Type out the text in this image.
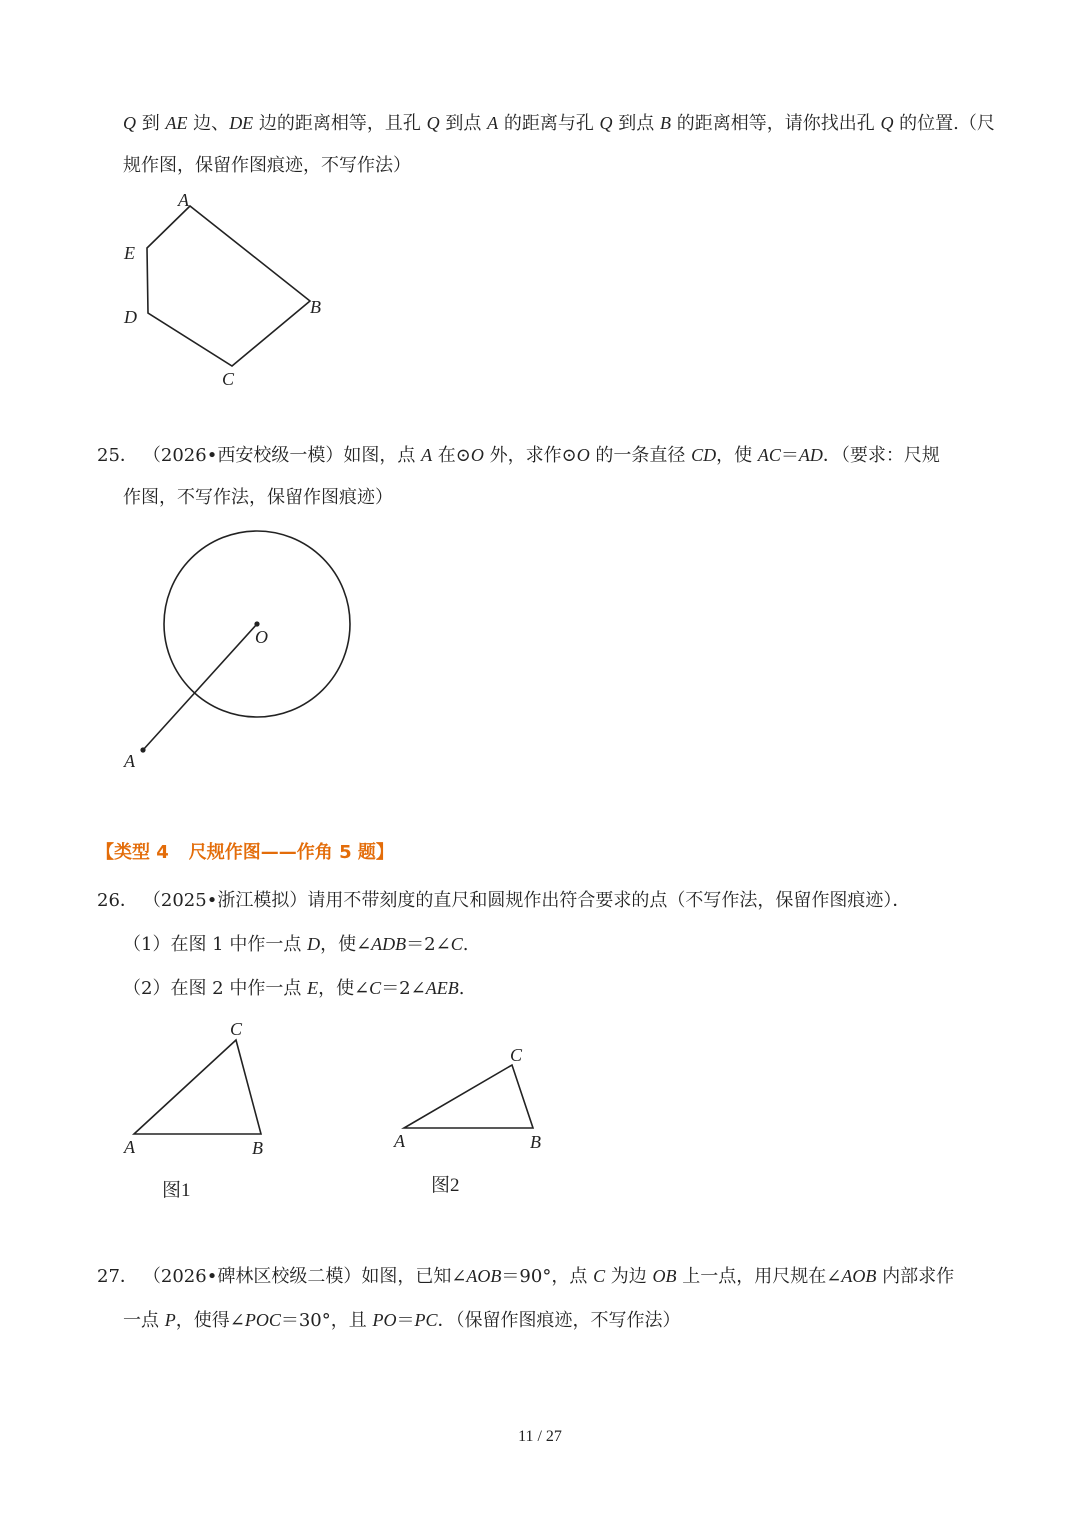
Q 到 AE 边、DE 边的距离相等，且孔 Q 到点 A 的距离与孔 Q 到点 B 的距离相等，请你找出孔 Q 的位置.（尺
规作图，保留作图痕迹，不写作法）
A
B
C
D
E
25． （2026•西安校级一模）如图，点 A 在⊙O 外，求作⊙O 的一条直径 CD，使 AC＝AD．（要求：尺规
作图，不写作法，保留作图痕迹）
O
A
【类型 4 尺规作图——作角 5 题】
26． （2025•浙江模拟）请用不带刻度的直尺和圆规作出符合要求的点（不写作法，保留作图痕迹）．
（1）在图 1 中作一点 D，使∠ADB＝2∠C.
（2）在图 2 中作一点 E，使∠C＝2∠AEB.
C
A	B
图1
C
A	B
图2
27． （2026•碑林区校级二模）如图，已知∠AOB＝90°，点 C 为边 OB 上一点，用尺规在∠AOB 内部求作
一点 P，使得∠POC＝30°，且 PO＝PC．（保留作图痕迹，不写作法）
11 / 27
